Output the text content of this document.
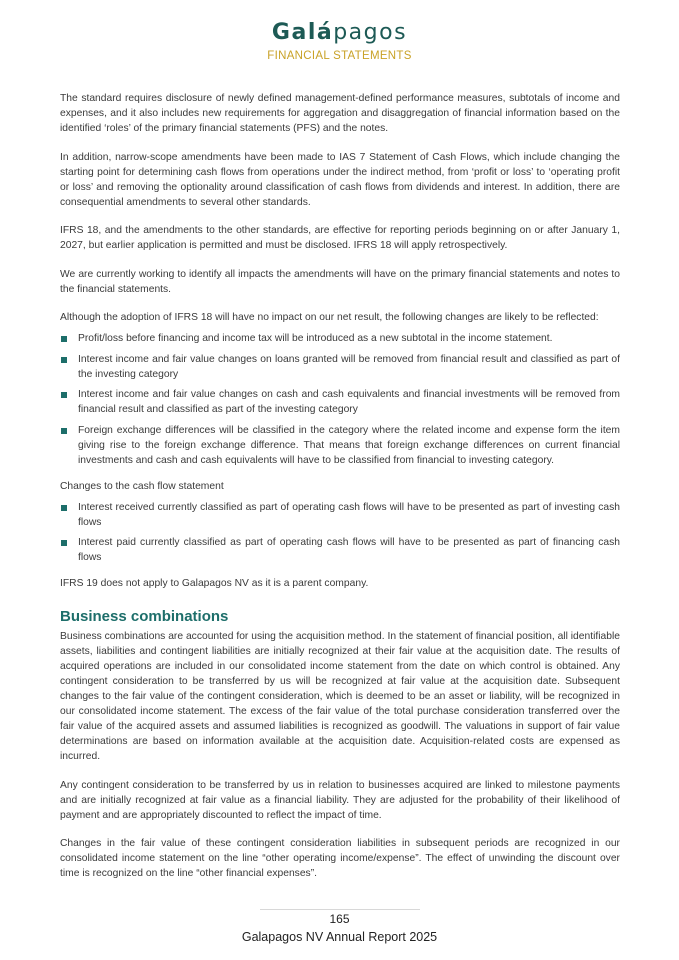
Galápagos
FINANCIAL STATEMENTS

The standard requires disclosure of newly defined management-defined performance measures, subtotals of income and expenses, and it also includes new requirements for aggregation and disaggregation of financial information based on the identified ‘roles’ of the primary financial statements (PFS) and the notes.

In addition, narrow-scope amendments have been made to IAS 7 Statement of Cash Flows, which include changing the starting point for determining cash flows from operations under the indirect method, from ‘profit or loss’ to ‘operating profit or loss’ and removing the optionality around classification of cash flows from dividends and interest. In addition, there are consequential amendments to several other standards.

IFRS 18, and the amendments to the other standards, are effective for reporting periods beginning on or after January 1, 2027, but earlier application is permitted and must be disclosed. IFRS 18 will apply retrospectively.

We are currently working to identify all impacts the amendments will have on the primary financial statements and notes to the financial statements.

Although the adoption of IFRS 18 will have no impact on our net result, the following changes are likely to be reflected:

Profit/loss before financing and income tax will be introduced as a new subtotal in the income statement.
Interest income and fair value changes on loans granted will be removed from financial result and classified as part of the investing category
Interest income and fair value changes on cash and cash equivalents and financial investments will be removed from financial result and classified as part of the investing category
Foreign exchange differences will be classified in the category where the related income and expense form the item giving rise to the foreign exchange difference. That means that foreign exchange differences on current financial investments and cash and cash equivalents will have to be classified from financial to investing category.

Changes to the cash flow statement

Interest received currently classified as part of operating cash flows will have to be presented as part of investing cash flows
Interest paid currently classified as part of operating cash flows will have to be presented as part of financing cash flows

IFRS 19 does not apply to Galapagos NV as it is a parent company.

Business combinations

Business combinations are accounted for using the acquisition method. In the statement of financial position, all identifiable assets, liabilities and contingent liabilities are initially recognized at their fair value at the acquisition date. The results of acquired operations are included in our consolidated income statement from the date on which control is obtained. Any contingent consideration to be transferred by us will be recognized at fair value at the acquisition date. Subsequent changes to the fair value of the contingent consideration, which is deemed to be an asset or liability, will be recognized in our consolidated income statement. The excess of the fair value of the total purchase consideration transferred over the fair value of the acquired assets and assumed liabilities is recognized as goodwill. The valuations in support of fair value determinations are based on information available at the acquisition date. Acquisition-related costs are expensed as incurred.

Any contingent consideration to be transferred by us in relation to businesses acquired are linked to milestone payments and are initially recognized at fair value as a financial liability. They are adjusted for the probability of their likelihood of payment and are appropriately discounted to reflect the impact of time.

Changes in the fair value of these contingent consideration liabilities in subsequent periods are recognized in our consolidated income statement on the line “other operating income/expense”. The effect of unwinding the discount over time is recognized on the line “other financial expenses”.

165
Galapagos NV Annual Report 2025
